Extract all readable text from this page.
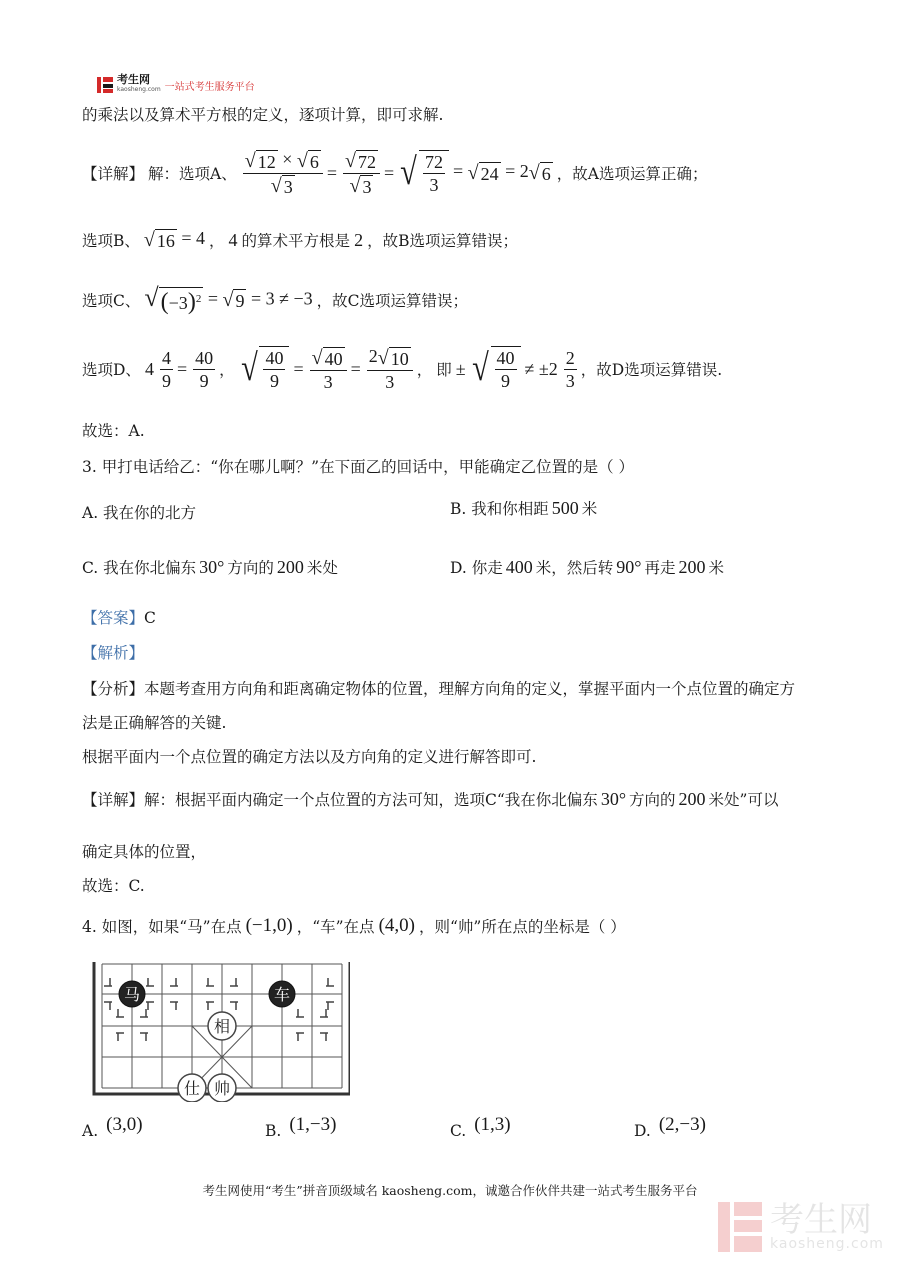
考生网
kaosheng.com 一站式考生服务平台
的乘法以及算术平方根的定义，逐项计算，即可求解.
【详解】 解：选项A、 $\frac{√ 12 \times √ 6}{√ 3} = \frac{√ 72}{√ 3}$ = √ $\frac{72}{3}$ = √ 24 = 2 √ 6 ，故A选项运算正确；
选项B、 √ 16 = 4 ， 4 的算术平方根是 2 ，故B选项运算错误；
选项C、 √ $(-3)^2$ = √ 9 = 3 ≠ −3 ，故C选项运算错误；
选项D、 $4 \frac{4}{9} = \frac{40}{9}$ ， √ $\frac{40}{9} = \frac{√ 40}{3} = \frac{2 √ 10}{3}$ ， 即 ± √ $\frac{40}{9} \ne \pm 2 \frac{2}{3}$ ，故D选项运算错误.
故选：A.
3. 甲打电话给乙：“你在哪儿啊？”在下面乙的回话中，甲能确定乙位置的是（ ）
A. 我在你的北方	B. 我和你相距 500 米
C. 我在你北偏东 30° 方向的 200 米处	D. 你走 400 米，然后转 90° 再走 200 米
【答案】C
【解析】
【分析】本题考查用方向角和距离确定物体的位置，理解方向角的定义，掌握平面内一个点位置的确定方
法是正确解答的关键.
根据平面内一个点位置的确定方法以及方向角的定义进行解答即可.
【详解】 解：根据平面内确定一个点位置的方法可知，选项C“我在你北偏东 30° 方向的 200 米处”可以
确定具体的位置，
故选：C.
4. 如图，如果“马”在点 (−1,0) ，“车”在点 (4,0) ，则“帅”所在点的坐标是（ ）
马	车
相
仕 帅
A. (3,0)	B. (1,−3)	C. (1,3)	D. (2,−3)
考生网使用“考生”拼音顶级域名 kaosheng.com，诚邀合作伙伴共建一站式考生服务平台
考生网
kaosheng.com
